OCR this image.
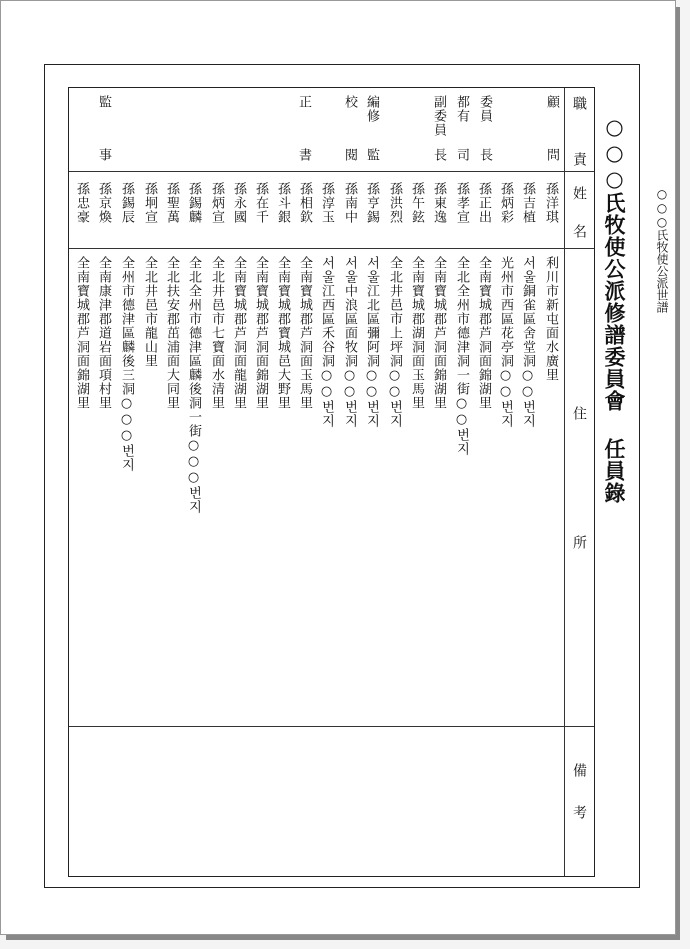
○○○氏牧使公派世譜
○○○氏牧使公派修譜委員會 任員錄
職責
姓名
住
所
備
考
顧
問
委員
長
都有
司
副委員
長
編修
監
校
閱
正
書
監
事
孫洋琪
利川市新屯面水廣里
孫吉植
서울銅雀區舍堂洞○○번지
孫炳彩
光州市西區花亭洞○○번지
孫正出
全南寶城郡芦洞面錦湖里
孫孝宣
全北全州市德津洞一街○○번지
孫東逸
全南寶城郡芦洞面錦湖里
孫午鉉
全南寶城郡湖洞面玉馬里
孫洪烈
全北井邑市上坪洞○○번지
孫亨錫
서울江北區彌阿洞○○번지
孫南中
서울中浪區面牧洞○○번지
孫淳玉
서울江西區禾谷洞○○번지
孫相欽
全南寶城郡芦洞面玉馬里
孫斗銀
全南寶城郡寶城邑大野里
孫在千
全南寶城郡芦洞面錦湖里
孫永國
全南寶城郡芦洞面龍湖里
孫炳宣
全北井邑市七寶面水清里
孫錫麟
全北全州市德津區麟後洞一街○○○번지
孫聖萬
全北扶安郡茁浦面大同里
孫坰宣
全北井邑市龍山里
孫錫辰
全州市德津區麟後三洞○○○번지
孫京煥
全南康津郡道岩面項村里
孫忠豪
全南寶城郡芦洞面錦湖里
